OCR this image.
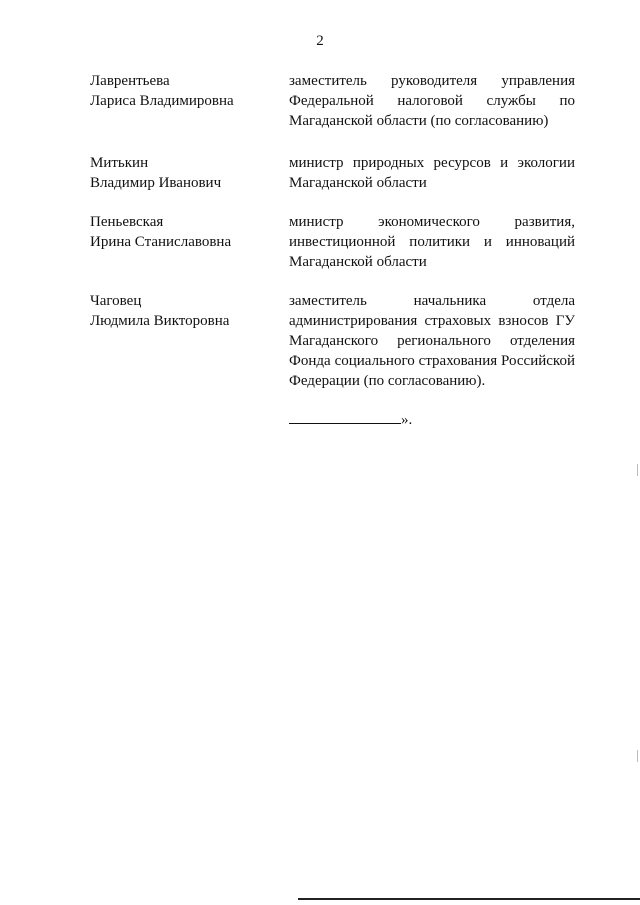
2
Лаврентьева
Лариса Владимировна
заместитель руководителя управления
Федеральной налоговой службы по
Магаданской области (по согласованию)
Митькин
Владимир Иванович
министр природных ресурсов и экологии
Магаданской области
Пеньевская
Ирина Станиславовна
министр экономического развития,
инвестиционной политики и инноваций
Магаданской области
Чаговец
Людмила Викторовна
заместитель начальника отдела
администрирования страховых взносов ГУ
Магаданского регионального отделения
Фонда социального страхования Российской
Федерации (по согласованию).
».
